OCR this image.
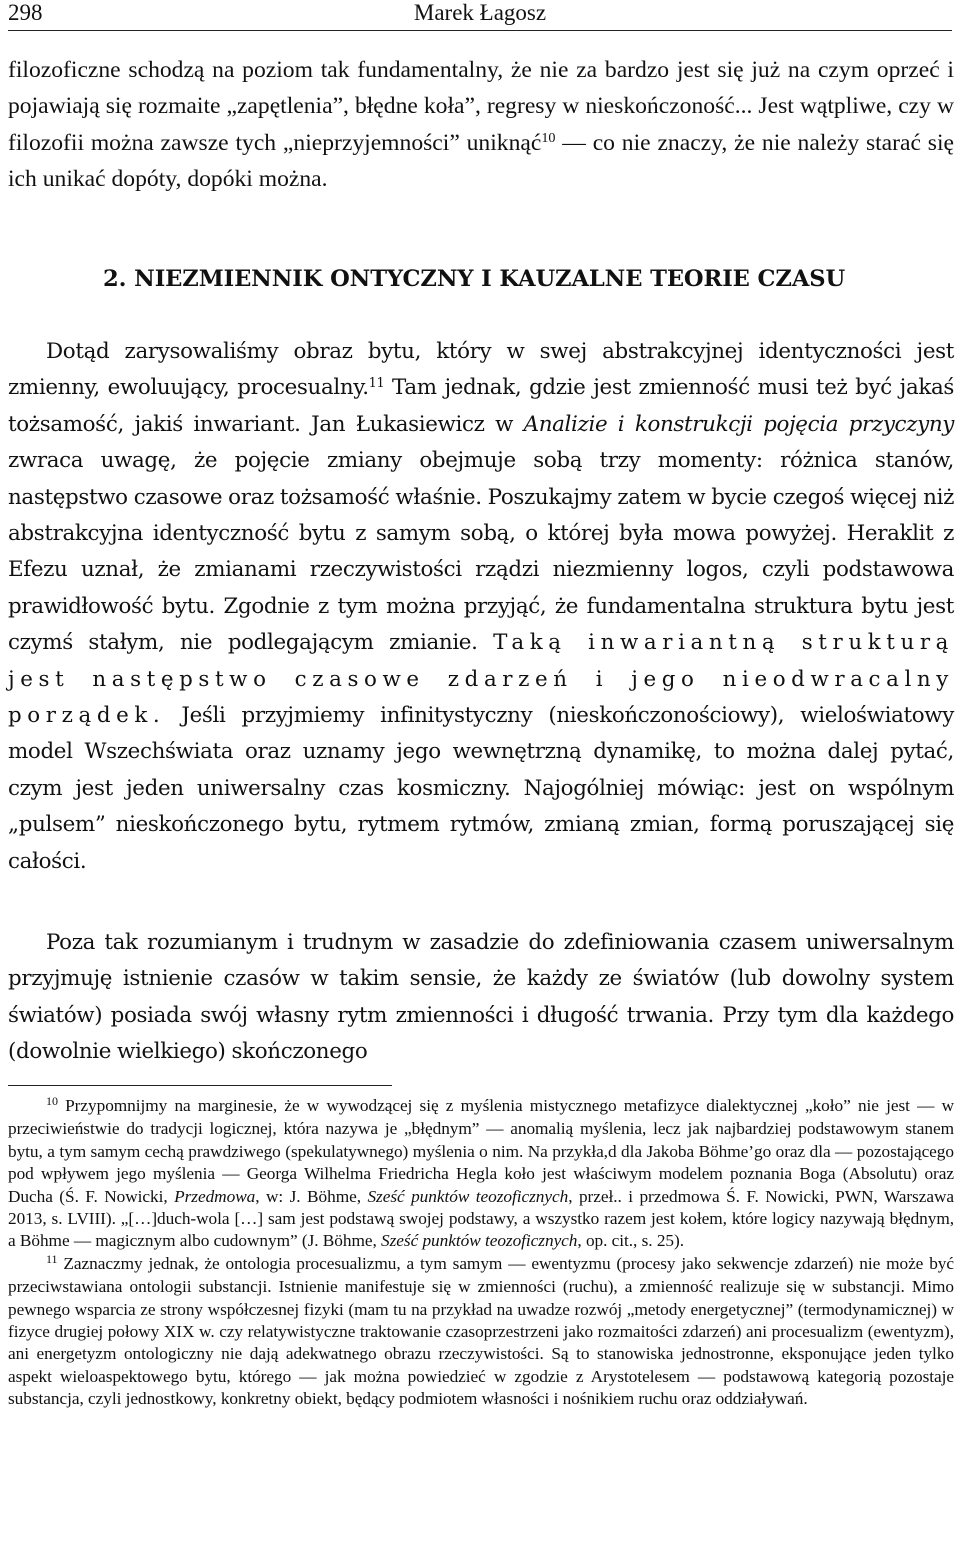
298	Marek Łagosz
filozoficzne schodzą na poziom tak fundamentalny, że nie za bardzo jest się już na czym oprzeć i pojawiają się rozmaite „zapętlenia”, błędne koła”, regresy w nieskończoność... Jest wątpliwe, czy w filozofii można zawsze tych „nieprzyjemności” uniknąć$^{10}$ — co nie znaczy, że nie należy starać się ich unikać dopóty, dopóki można.
2. NIEZMIENNIK ONTYCZNY I KAUZALNE TEORIE CZASU

Dotąd zarysowaliśmy obraz bytu, który w swej abstrakcyjnej identyczności jest zmienny, ewoluujący, procesualny.$^{11}$ Tam jednak, gdzie jest zmienność musi też być jakaś tożsamość, jakiś inwariant. Jan Łukasiewicz w Analizie i konstrukcji pojęcia przyczyny zwraca uwagę, że pojęcie zmiany obejmuje sobą trzy momenty: różnica stanów, następstwo czasowe oraz tożsamość właśnie. Poszukajmy zatem w bycie czegoś więcej niż abstrakcyjna identyczność bytu z samym sobą, o której była mowa powyżej. Heraklit z Efezu uznał, że zmianami rzeczywistości rządzi niezmienny logos, czyli podstawowa prawidłowość bytu. Zgodnie z tym można przyjąć, że fundamentalna struktura bytu jest czymś stałym, nie podlegającym zmianie. Taką inwariantną strukturą jest następstwo czasowe zdarzeń i jego nieodwracalny porządek. Jeśli przyjmiemy infinitystyczny (nieskończonościowy), wieloświatowy model Wszechświata oraz uznamy jego wewnętrzną dynamikę, to można dalej pytać, czym jest jeden uniwersalny czas kosmiczny. Najogólniej mówiąc: jest on wspólnym „pulsem” nieskończonego bytu, rytmem rytmów, zmianą zmian, formą poruszającej się całości.

Poza tak rozumianym i trudnym w zasadzie do zdefiniowania czasem uniwersalnym przyjmuję istnienie czasów w takim sensie, że każdy ze światów (lub dowolny system światów) posiada swój własny rytm zmienności i długość trwania. Przy tym dla każdego (dowolnie wielkiego) skończonego

$^{10}$ Przypomnijmy na marginesie, że w wywodzącej się z myślenia mistycznego metafizyce dialektycznej „koło” nie jest — w przeciwieństwie do tradycji logicznej, która nazywa je „błędnym” — anomalią myślenia, lecz jak najbardziej podstawowym stanem bytu, a tym samym cechą prawdziwego (spekulatywnego) myślenia o nim. Na przykła,d dla Jakoba Böhme’go oraz dla — pozostającego pod wpływem jego myślenia — Georga Wilhelma Friedricha Hegla koło jest właściwym modelem poznania Boga (Absolutu) oraz Ducha (Ś. F. Nowicki, Przedmowa, w: J. Böhme, Sześć punktów teozoficznych, przeł.. i przedmowa Ś. F. Nowicki, PWN, Warszawa 2013, s. LVIII). „[…]duch-wola […] sam jest podstawą swojej podstawy, a wszystko razem jest kołem, które logicy nazywają błędnym, a Böhme — magicznym albo cudownym” (J. Böhme, Sześć punktów teozoficznych, op. cit., s. 25).

$^{11}$ Zaznaczmy jednak, że ontologia procesualizmu, a tym samym — ewentyzmu (procesy jako sekwencje zdarzeń) nie może być przeciwstawiana ontologii substancji. Istnienie manifestuje się w zmienności (ruchu), a zmienność realizuje się w substancji. Mimo pewnego wsparcia ze strony współczesnej fizyki (mam tu na przykład na uwadze rozwój „metody energetycznej” (termodynamicznej) w fizyce drugiej połowy XIX w. czy relatywistyczne traktowanie czasoprzestrzeni jako rozmaitości zdarzeń) ani procesualizm (ewentyzm), ani energetyzm ontologiczny nie dają adekwatnego obrazu rzeczywistości. Są to stanowiska jednostronne, eksponujące jeden tylko aspekt wieloaspektowego bytu, którego — jak można powiedzieć w zgodzie z Arystotelesem — podstawową kategorią pozostaje substancja, czyli jednostkowy, konkretny obiekt, będący podmiotem własności i nośnikiem ruchu oraz oddziaływań.
